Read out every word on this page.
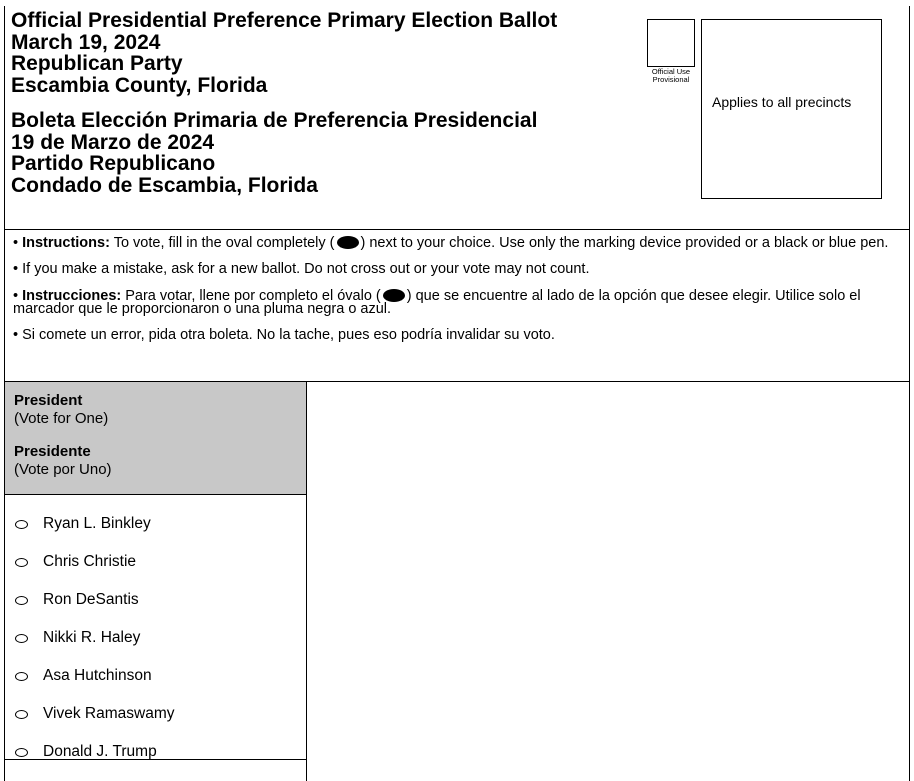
Official Presidential Preference Primary Election Ballot
March 19, 2024
Republican Party
Escambia County, Florida
Boleta Elección Primaria de Preferencia Presidencial
19 de Marzo de 2024
Partido Republicano
Condado de Escambia, Florida
Official Use
Provisional
Applies to all precincts
• Instructions: To vote, fill in the oval completely ( ) next to your choice. Use only the marking device provided or a black or blue pen.
• If you make a mistake, ask for a new ballot. Do not cross out or your vote may not count.
• Instrucciones: Para votar, llene por completo el óvalo ( ) que se encuentre al lado de la opción que desee elegir. Utilice solo el marcador que le proporcionaron o una pluma negra o azul.
• Si comete un error, pida otra boleta. No la tache, pues eso podría invalidar su voto.
President
(Vote for One)
Presidente
(Vote por Uno)
Ryan L. Binkley
Chris Christie
Ron DeSantis
Nikki R. Haley
Asa Hutchinson
Vivek Ramaswamy
Donald J. Trump
